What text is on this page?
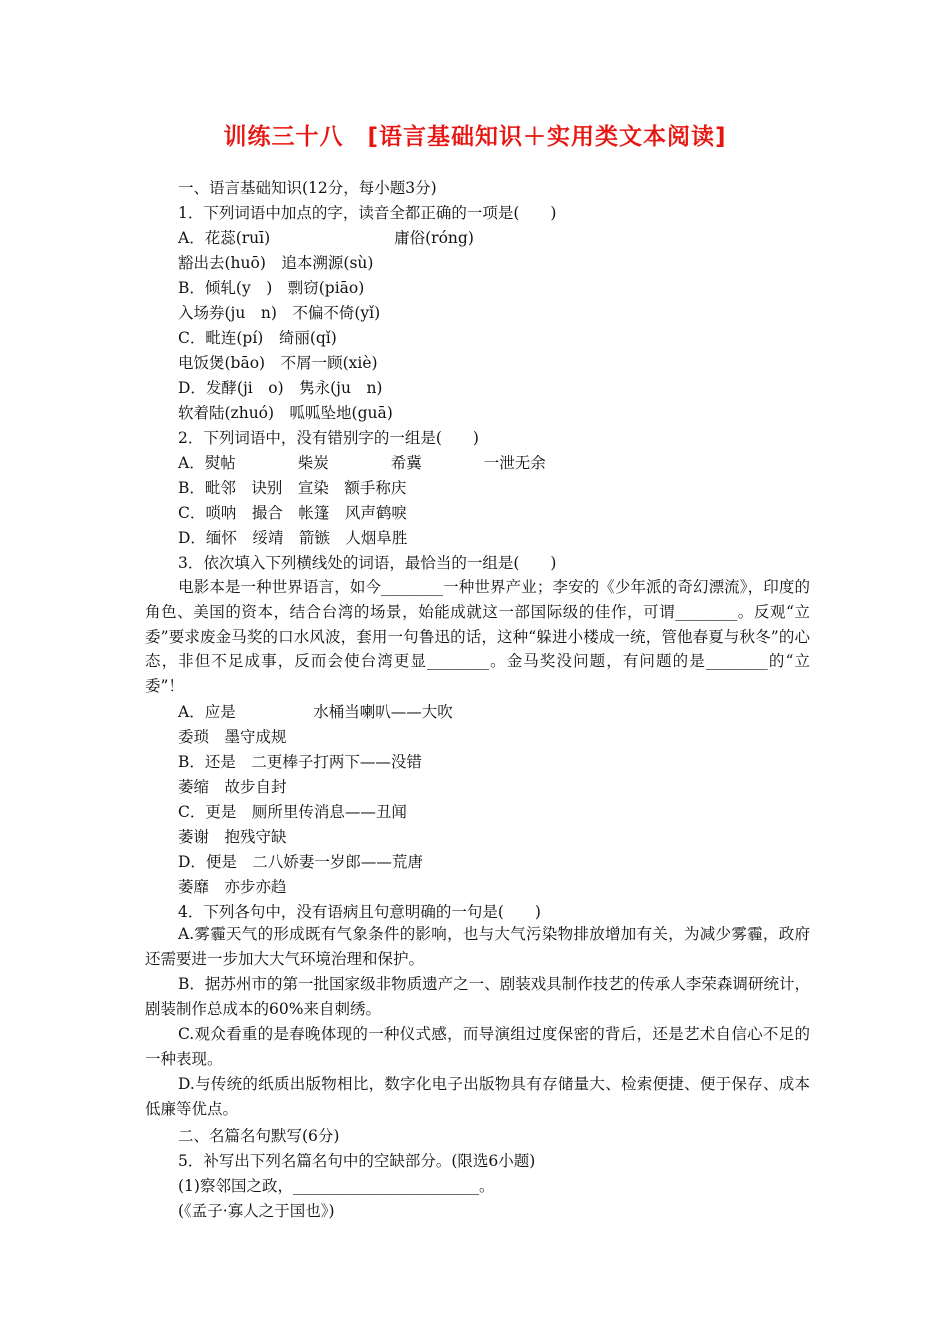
训练三十八　[语言基础知识＋实用类文本阅读]
一、语言基础知识(12分，每小题3分)
1．下列词语中加点的字，读音全都正确的一项是(　　)
A．花蕊(ruī)　　　　　　　　庸俗(róng)
豁出去(huō)　追本溯源(sù)
B．倾轧(y　)　剽窃(piāo)
入场券(ju　n)　不偏不倚(yǐ)
C．毗连(pí)　绮丽(qǐ)
电饭煲(bāo)　不屑一顾(xiè)
D．发酵(ji　o)　隽永(ju　n)
软着陆(zhuó)　呱呱坠地(guā)
2．下列词语中，没有错别字的一组是(　　)
A．熨帖　　　　柴炭　　　　希冀　　　　一泄无余
B．毗邻　诀别　宣染　额手称庆
C．唢呐　撮合　帐篷　风声鹤唳
D．缅怀　绥靖　箭镞　人烟阜胜
3．依次填入下列横线处的词语，最恰当的一组是(　　)
电影本是一种世界语言，如今________一种世界产业；李安的《少年派的奇幻漂流》，印度的角色、美国的资本，结合台湾的场景，始能成就这一部国际级的佳作，可谓________。反观“立委”要求废金马奖的口水风波，套用一句鲁迅的话，这种“躲进小楼成一统，管他春夏与秋冬”的心态，非但不足成事，反而会使台湾更显________。金马奖没问题，有问题的是________的“立委”！
A．应是　　　　　水桶当喇叭——大吹
委琐　墨守成规
B．还是　二更棒子打两下——没错
萎缩　故步自封
C．更是　厕所里传消息——丑闻
萎谢　抱残守缺
D．便是　二八娇妻一岁郎——荒唐
萎靡　亦步亦趋
4．下列各句中，没有语病且句意明确的一句是(　　)
A.雾霾天气的形成既有气象条件的影响，也与大气污染物排放增加有关，为减少雾霾，政府还需要进一步加大大气环境治理和保护。
B．据苏州市的第一批国家级非物质遗产之一、剧装戏具制作技艺的传承人李荣森调研统计，剧装制作总成本的60%来自刺绣。
C.观众看重的是春晚体现的一种仪式感，而导演组过度保密的背后，还是艺术自信心不足的一种表现。
D.与传统的纸质出版物相比，数字化电子出版物具有存储量大、检索便捷、便于保存、成本低廉等优点。
二、名篇名句默写(6分)
5．补写出下列名篇名句中的空缺部分。(限选6小题)
(1)察邻国之政，________________________。
(《孟子·寡人之于国也》)
